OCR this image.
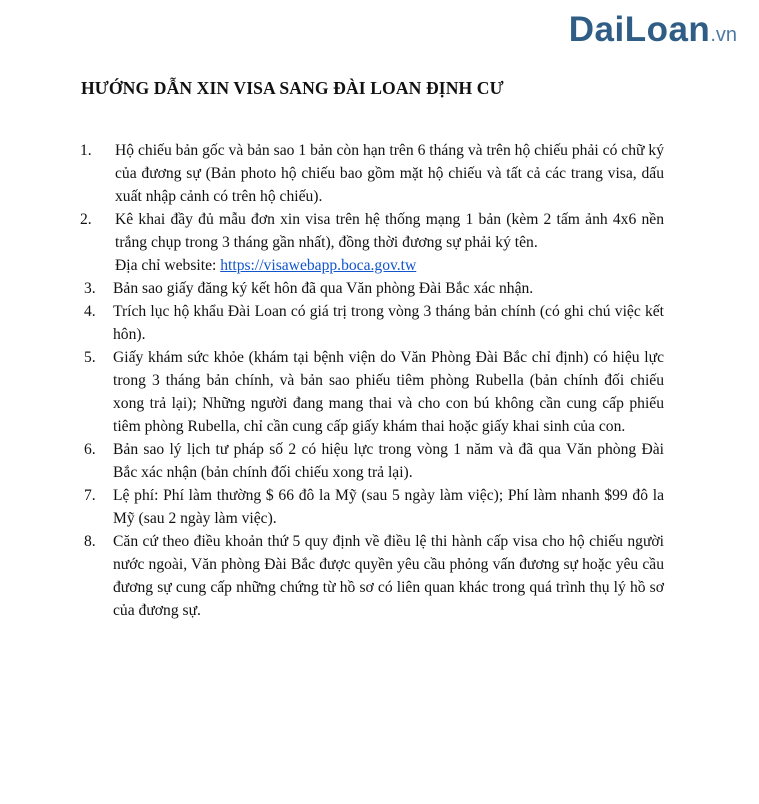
DaiLoan.vn
HƯỚNG DẪN XIN VISA SANG ĐÀI LOAN ĐỊNH CƯ
1. Hộ chiếu bản gốc và bản sao 1 bản còn hạn trên 6 tháng và trên hộ chiếu phải có chữ ký của đương sự (Bản photo hộ chiếu bao gồm mặt hộ chiếu và tất cả các trang visa, dấu xuất nhập cảnh có trên hộ chiếu).
2. Kê khai đầy đủ mẫu đơn xin visa trên hệ thống mạng 1 bản (kèm 2 tấm ảnh 4x6 nền trắng chụp trong 3 tháng gần nhất), đồng thời đương sự phải ký tên.
Địa chỉ website: https://visawebapp.boca.gov.tw
3. Bản sao giấy đăng ký kết hôn đã qua Văn phòng Đài Bắc xác nhận.
4. Trích lục hộ khẩu Đài Loan có giá trị trong vòng 3 tháng bản chính (có ghi chú việc kết hôn).
5. Giấy khám sức khỏe (khám tại bệnh viện do Văn Phòng Đài Bắc chỉ định) có hiệu lực trong 3 tháng bản chính, và bản sao phiếu tiêm phòng Rubella (bản chính đối chiếu xong trả lại); Những người đang mang thai và cho con bú không cần cung cấp phiếu tiêm phòng Rubella, chỉ cần cung cấp giấy khám thai hoặc giấy khai sinh của con.
6. Bản sao lý lịch tư pháp số 2 có hiệu lực trong vòng 1 năm và đã qua Văn phòng Đài Bắc xác nhận (bản chính đối chiếu xong trả lại).
7. Lệ phí: Phí làm thường $ 66 đô la Mỹ (sau 5 ngày làm việc); Phí làm nhanh $99 đô la Mỹ (sau 2 ngày làm việc).
8. Căn cứ theo điều khoản thứ 5 quy định về điều lệ thi hành cấp visa cho hộ chiếu người nước ngoài, Văn phòng Đài Bắc được quyền yêu cầu phỏng vấn đương sự hoặc yêu cầu đương sự cung cấp những chứng từ hồ sơ có liên quan khác trong quá trình thụ lý hồ sơ của đương sự.
